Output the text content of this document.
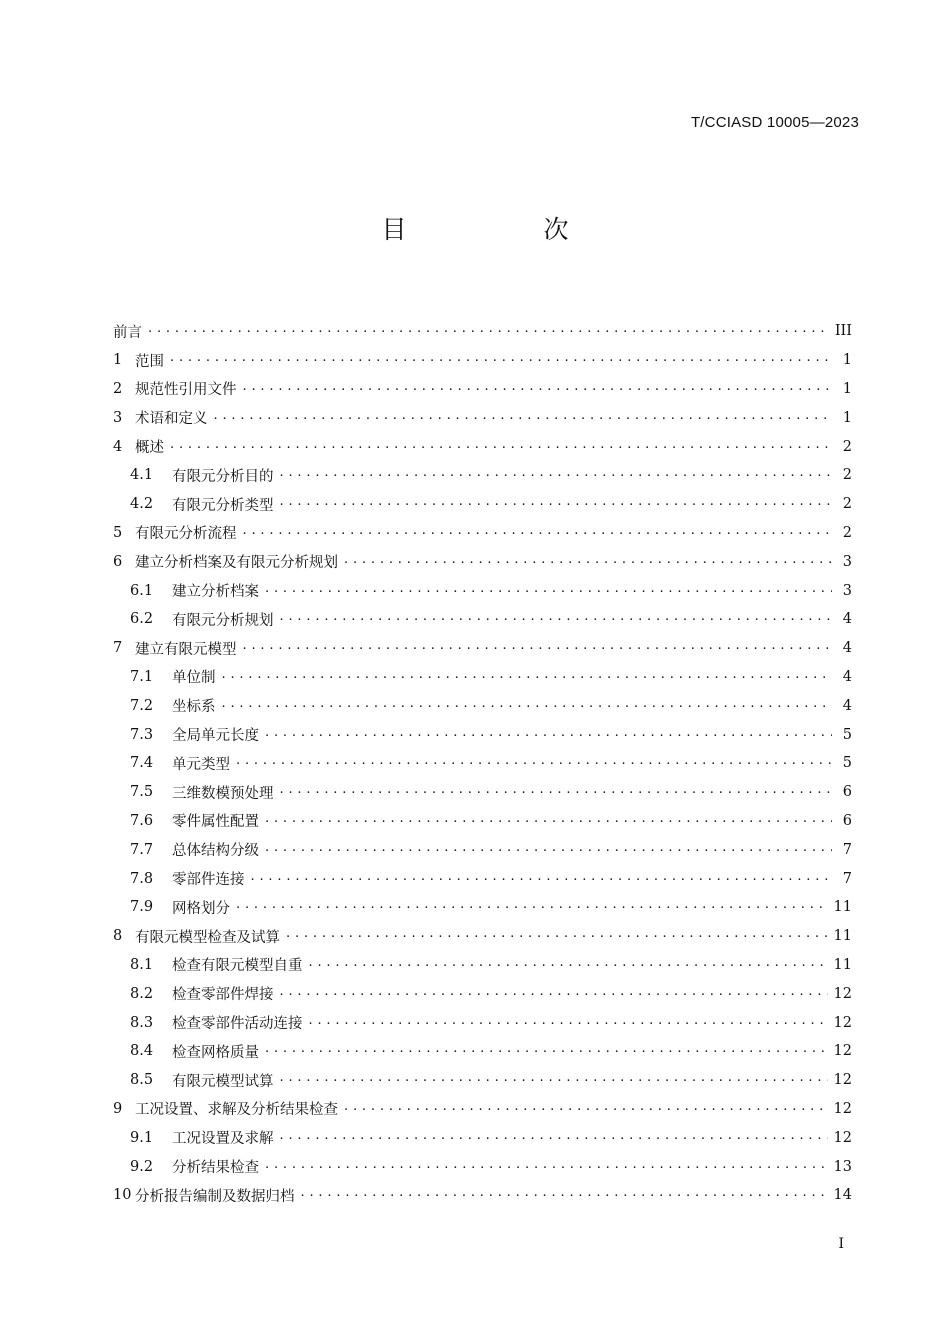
T/CCIASD 10005—2023
目　次
前言 . . .	III
1 范围 . . .	1
2 规范性引用文件 . . .	1
3 术语和定义 . . .	1
4 概述 . . .	2
4.1	有限元分析目的 . . .	2
4.2	有限元分析类型 . . .	2
5 有限元分析流程 . . .	2
6 建立分析档案及有限元分析规划 . . .	3
6.1	建立分析档案 . . .	3
6.2	有限元分析规划 . . .	4
7 建立有限元模型 . . .	4
7.1	单位制 . . .	4
7.2	坐标系 . . .	4
7.3	全局单元长度 . . .	5
7.4	单元类型 . . .	5
7.5	三维数模预处理 . . .	6
7.6	零件属性配置 . . .	6
7.7	总体结构分级 . . .	7
7.8	零部件连接 . . .	7
7.9	网格划分 . . .	11
8 有限元模型检查及试算 . . .	11
8.1	检查有限元模型自重 . . .	11
8.2	检查零部件焊接 . . .	12
8.3	检查零部件活动连接 . . .	12
8.4	检查网格质量 . . .	12
8.5	有限元模型试算 . . .	12
9 工况设置、求解及分析结果检查 . . .	12
9.1	工况设置及求解 . . .	12
9.2	分析结果检查 . . .	13
10 分析报告编制及数据归档 . . .	14
I
